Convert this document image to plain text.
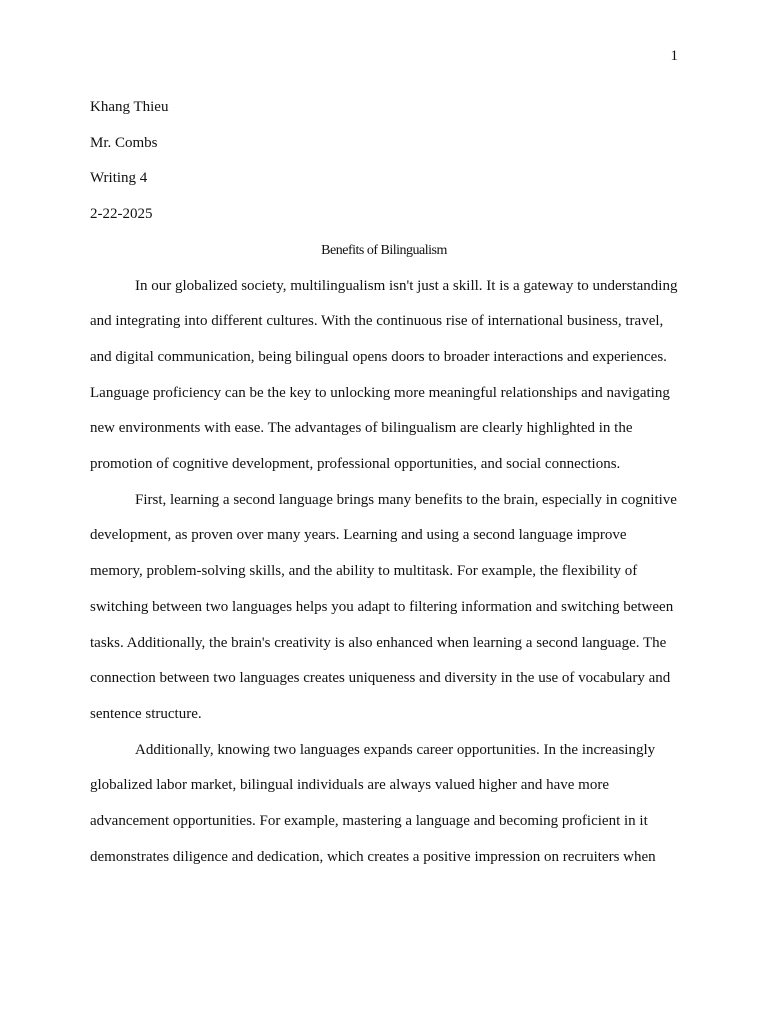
1

Khang Thieu

Mr. Combs

Writing 4

2-22-2025

Benefits of Bilingualism

In our globalized society, multilingualism isn't just a skill. It is a gateway to understanding and integrating into different cultures. With the continuous rise of international business, travel, and digital communication, being bilingual opens doors to broader interactions and experiences. Language proficiency can be the key to unlocking more meaningful relationships and navigating new environments with ease. The advantages of bilingualism are clearly highlighted in the promotion of cognitive development, professional opportunities, and social connections.

First, learning a second language brings many benefits to the brain, especially in cognitive development, as proven over many years. Learning and using a second language improve memory, problem-solving skills, and the ability to multitask. For example, the flexibility of switching between two languages helps you adapt to filtering information and switching between tasks. Additionally, the brain's creativity is also enhanced when learning a second language. The connection between two languages creates uniqueness and diversity in the use of vocabulary and sentence structure.

Additionally, knowing two languages expands career opportunities. In the increasingly globalized labor market, bilingual individuals are always valued higher and have more advancement opportunities. For example, mastering a language and becoming proficient in it demonstrates diligence and dedication, which creates a positive impression on recruiters when
